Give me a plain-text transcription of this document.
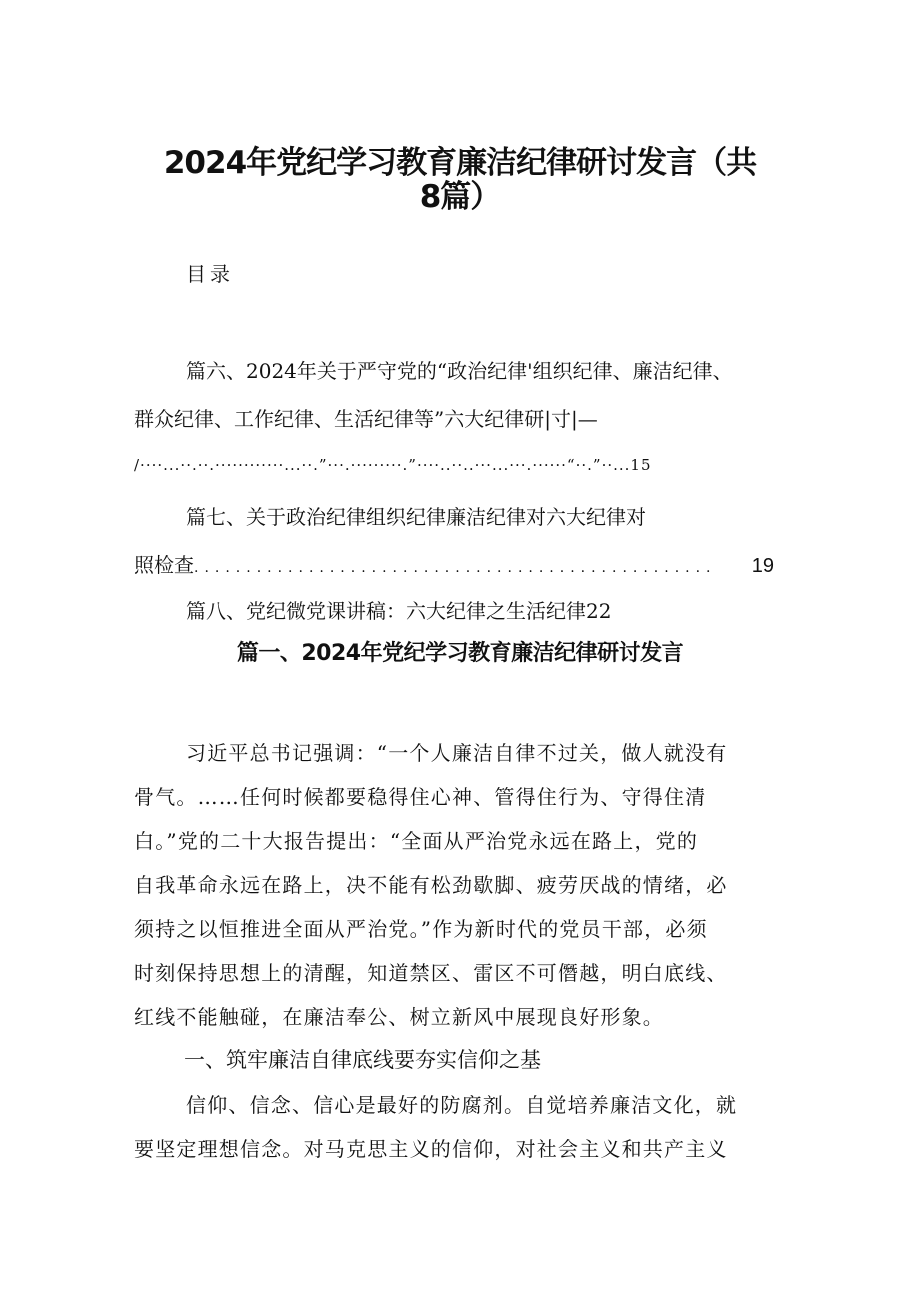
2024年党纪学习教育廉洁纪律研讨发言（共
8篇）
目录
篇六、2024年关于严守党的“政治纪律'组织纪律、廉洁纪律、
群众纪律、工作纪律、生活纪律等”六大纪律研|寸|—
/····...··.··.············...··.”···.·········.”····..··..···...···.······“··.”··...15
篇七、关于政治纪律组织纪律廉洁纪律对六大纪律对
照检查 ..................................................	19
篇八、党纪微党课讲稿：六大纪律之生活纪律22
篇一、2024年党纪学习教育廉洁纪律研讨发言
习近平总书记强调：“一个人廉洁自律不过关，做人就没有
骨气。……任何时候都要稳得住心神、管得住行为、守得住清
白。”党的二十大报告提出：“全面从严治党永远在路上，党的
自我革命永远在路上，决不能有松劲歇脚、疲劳厌战的情绪，必
须持之以恒推进全面从严治党。”作为新时代的党员干部，必须
时刻保持思想上的清醒，知道禁区、雷区不可僭越，明白底线、
红线不能触碰，在廉洁奉公、树立新风中展现良好形象。
一、筑牢廉洁自律底线要夯实信仰之基
信仰、信念、信心是最好的防腐剂。自觉培养廉洁文化，就
要坚定理想信念。对马克思主义的信仰，对社会主义和共产主义
